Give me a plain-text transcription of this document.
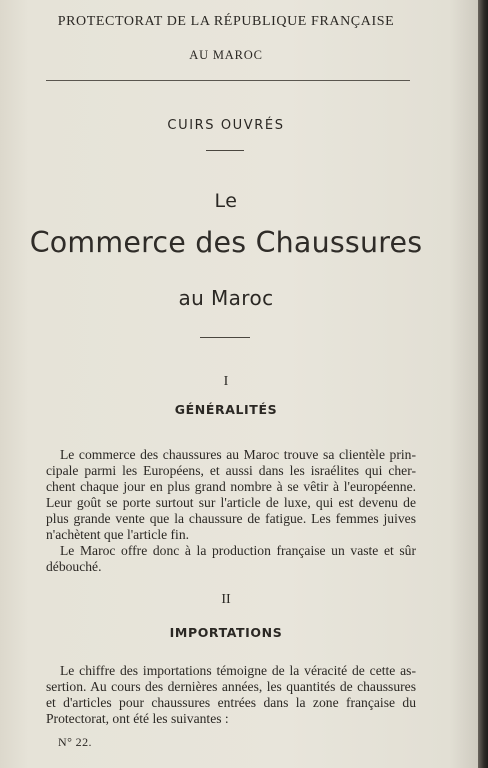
PROTECTORAT DE LA RÉPUBLIQUE FRANÇAISE
AU MAROC
CUIRS OUVRÉS
Le
Commerce des Chaussures
au Maroc
I
GÉNÉRALITÉS
Le commerce des chaussures au Maroc trouve sa clientèle prin-
cipale parmi les Européens, et aussi dans les israélites qui cher-
chent chaque jour en plus grand nombre à se vêtir à l'européenne.
Leur goût se porte surtout sur l'article de luxe, qui est devenu de
plus grande vente que la chaussure de fatigue. Les femmes juives
n'achètent que l'article fin.
Le Maroc offre donc à la production française un vaste et sûr
débouché.
II
IMPORTATIONS
Le chiffre des importations témoigne de la véracité de cette as-
sertion. Au cours des dernières années, les quantités de chaussures
et d'articles pour chaussures entrées dans la zone française du
Protectorat, ont été les suivantes :
N° 22.
